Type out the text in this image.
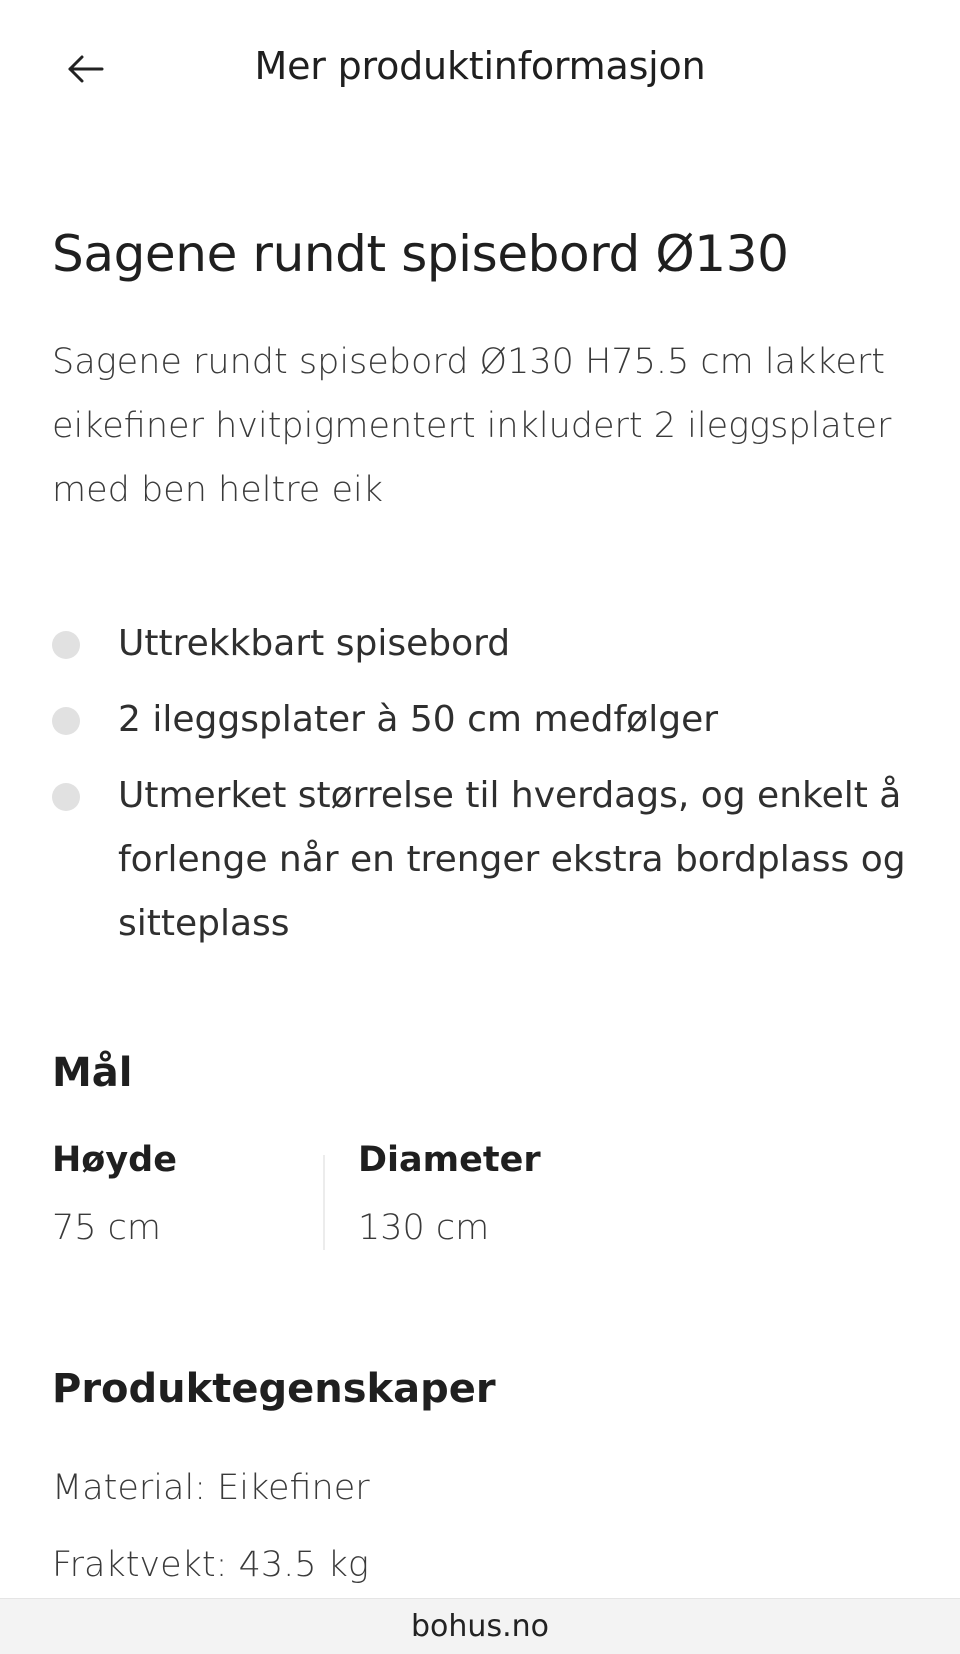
Mer produktinformasjon
Sagene rundt spisebord Ø130

Sagene rundt spisebord Ø130 H75.5 cm lakkert eikefiner hvitpigmentert inkludert 2 ileggsplater med ben heltre eik

Uttrekkbart spisebord
2 ileggsplater à 50 cm medfølger
Utmerket størrelse til hverdags, og enkelt å forlenge når en trenger ekstra bordplass og sitteplass
Mål
Høyde
75 cm
Diameter
130 cm
Produktegenskaper
Material: Eikefiner
Fraktvekt: 43.5 kg
bohus.no
